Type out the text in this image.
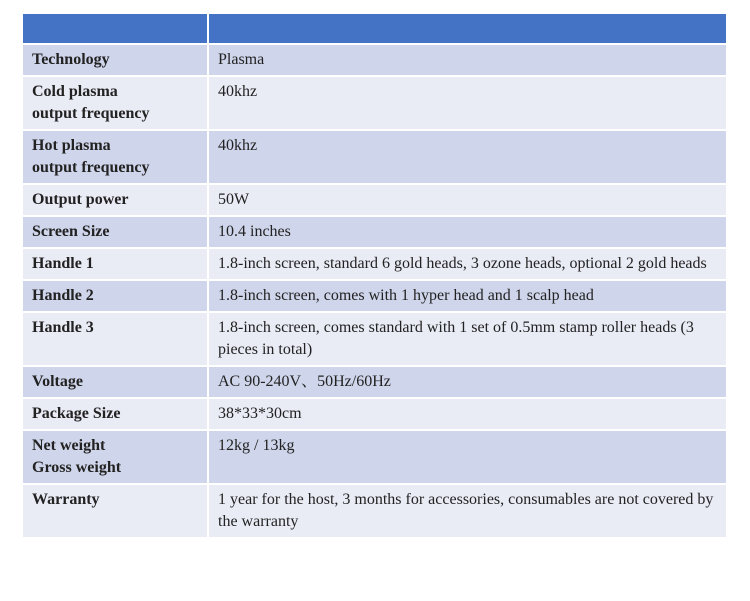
Technology	Plasma
Cold plasma
output frequency	40khz
Hot plasma
output frequency	40khz
Output power	50W
Screen Size	10.4 inches
Handle 1	1.8-inch screen, standard 6 gold heads, 3 ozone heads, optional 2 gold heads
Handle 2	1.8-inch screen, comes with 1 hyper head and 1 scalp head
Handle 3	1.8-inch screen, comes standard with 1 set of 0.5mm stamp roller heads (3 pieces in total)
Voltage	AC 90-240V、50Hz/60Hz
Package Size	38*33*30cm
Net weight
Gross weight	12kg / 13kg
Warranty	1 year for the host, 3 months for accessories, consumables are not covered by the warranty
